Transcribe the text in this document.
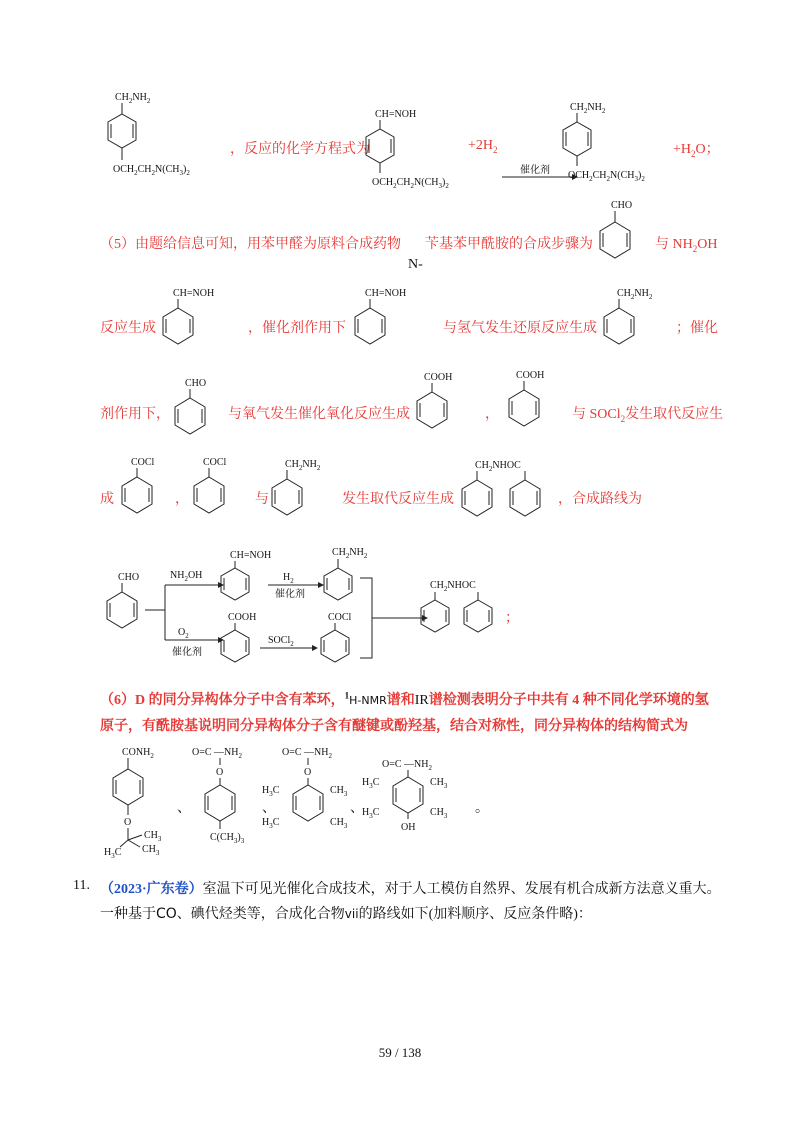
$CH_2NH_2$
$OCH_2CH_2N(CH_3)_2$
，反应的化学方程式为
CH=NOH
$OCH_2CH_2N(CH_3)_2$
$+2H_2$
催化剂
$CH_2NH_2$
$OCH_2CH_2N(CH_3)_2$
$+H_2O$；
（5）由题给信息可知，用苯甲醛为原料合成药物 苄基苯甲酰胺的合成步骤为
N-
CHO
与 $NH_2OH$
反应生成
CH=NOH
，催化剂作用下
CH=NOH
与氢气发生还原反应生成
$CH_2NH_2$
；催化
剂作用下，
CHO
与氧气发生催化氧化反应生成
COOH
，
COOH
与 SOCl$_2$发生取代反应生
成
COCl
，
COCl
与
$CH_2NH_2$
发生取代反应生成
$CH_2NHOC$
，合成路线为
CHO	$NH_2OH$
$O_2$
催化剂
CH=NOH
$H_2$
催化剂
$CH_2NH_2$
COOH
SOCl$_2$
COCl
$CH_2NHOC$
；
（6）D 的同分异构体分子中含有苯环，$^1$H-NMR谱和IR谱检测表明分子中共有 4 种不同化学环境的氢
原子，有酰胺基说明同分异构体分子含有醚键或酚羟基，结合对称性，同分异构体的结构简式为
$CONH_2$
O
$H_3C$
$CH_3$
$CH_3$
、
O=C $—NH_2$
O
$C(CH_3)_3$
、
O=C $—NH_2$
O
$H_3C$	$CH_3$
$H_3C$	$CH_3$
、
O=C $—NH_2$
$H_3C$	$CH_3$
$H_3C$	$CH_3$
OH
。
11. （2023·广东卷）室温下可见光催化合成技术，对于人工模仿自然界、发展有机合成新方法意义重大。
一种基于CO、碘代烃类等，合成化合物vii的路线如下(加料顺序、反应条件略)：
59 / 138
